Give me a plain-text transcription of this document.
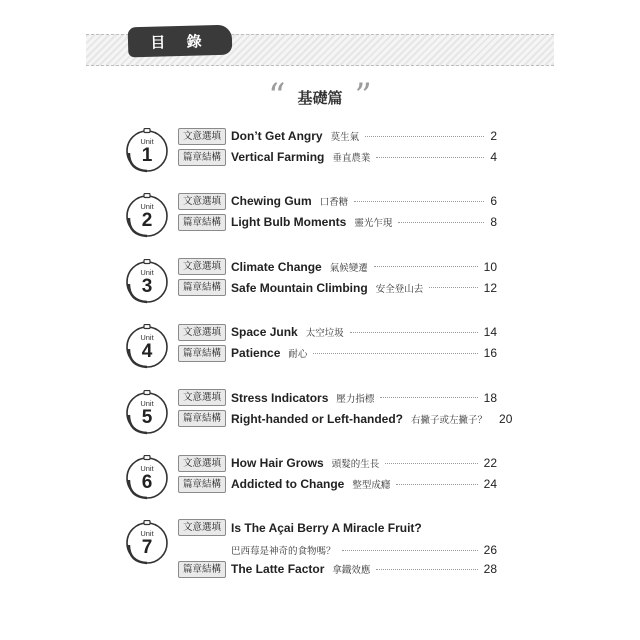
目 錄
“ 基礎篇 ”
Unit
1
文意選填 Don’t Get Angry 莫生氣	2
篇章結構 Vertical Farming 垂直農業	4
Unit
2
文意選填 Chewing Gum 口香糖	6
篇章結構 Light Bulb Moments 靈光乍現	8
Unit
3
文意選填 Climate Change 氣候變遷	10
篇章結構 Safe Mountain Climbing 安全登山去	12
Unit
4
文意選填 Space Junk 太空垃圾	14
篇章結構 Patience 耐心	16
Unit
5
文意選填 Stress Indicators 壓力指標	18
篇章結構 Right-handed or Left-handed? 右撇子或左撇子？ 20
Unit
6
文意選填 How Hair Grows 頭髮的生長	22
篇章結構 Addicted to Change 整型成癮	24
Unit
7
文意選填 Is The Açai Berry A Miracle Fruit?
巴西莓是神奇的食物嗎？	26
篇章結構 The Latte Factor 拿鐵效應	28
